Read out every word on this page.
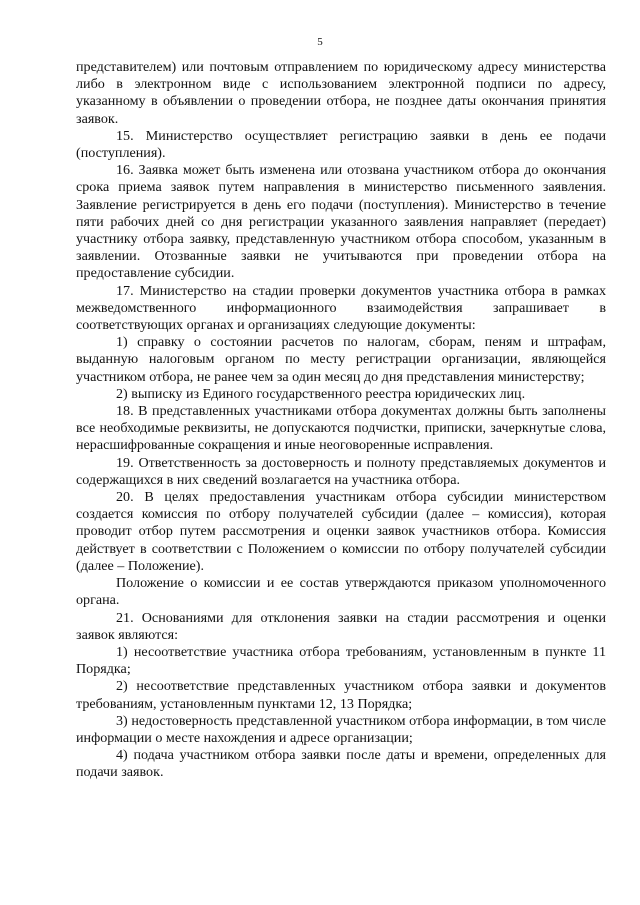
5

представителем) или почтовым отправлением по юридическому адресу министерства либо в электронном виде с использованием электронной подписи по адресу, указанному в объявлении о проведении отбора, не позднее даты окончания принятия заявок.

15. Министерство осуществляет регистрацию заявки в день ее подачи (поступления).

16. Заявка может быть изменена или отозвана участником отбора до окончания срока приема заявок путем направления в министерство письменного заявления. Заявление регистрируется в день его подачи (поступления). Министерство в течение пяти рабочих дней со дня регистрации указанного заявления направляет (передает) участнику отбора заявку, представленную участником отбора способом, указанным в заявлении. Отозванные заявки не учитываются при проведении отбора на предоставление субсидии.

17. Министерство на стадии проверки документов участника отбора в рамках межведомственного информационного взаимодействия запрашивает в соответствующих органах и организациях следующие документы:

1) справку о состоянии расчетов по налогам, сборам, пеням и штрафам, выданную налоговым органом по месту регистрации организации, являющейся участником отбора, не ранее чем за один месяц до дня представления министерству;

2) выписку из Единого государственного реестра юридических лиц.

18. В представленных участниками отбора документах должны быть заполнены все необходимые реквизиты, не допускаются подчистки, приписки, зачеркнутые слова, нерасшифрованные сокращения и иные неоговоренные исправления.

19. Ответственность за достоверность и полноту представляемых документов и содержащихся в них сведений возлагается на участника отбора.

20. В целях предоставления участникам отбора субсидии министерством создается комиссия по отбору получателей субсидии (далее – комиссия), которая проводит отбор путем рассмотрения и оценки заявок участников отбора. Комиссия действует в соответствии с Положением о комиссии по отбору получателей субсидии (далее – Положение).

Положение о комиссии и ее состав утверждаются приказом уполномоченного органа.

21. Основаниями для отклонения заявки на стадии рассмотрения и оценки заявок являются:

1) несоответствие участника отбора требованиям, установленным в пункте 11 Порядка;

2) несоответствие представленных участником отбора заявки и документов требованиям, установленным пунктами 12, 13 Порядка;

3) недостоверность представленной участником отбора информации, в том числе информации о месте нахождения и адресе организации;

4) подача участником отбора заявки после даты и времени, определенных для подачи заявок.
